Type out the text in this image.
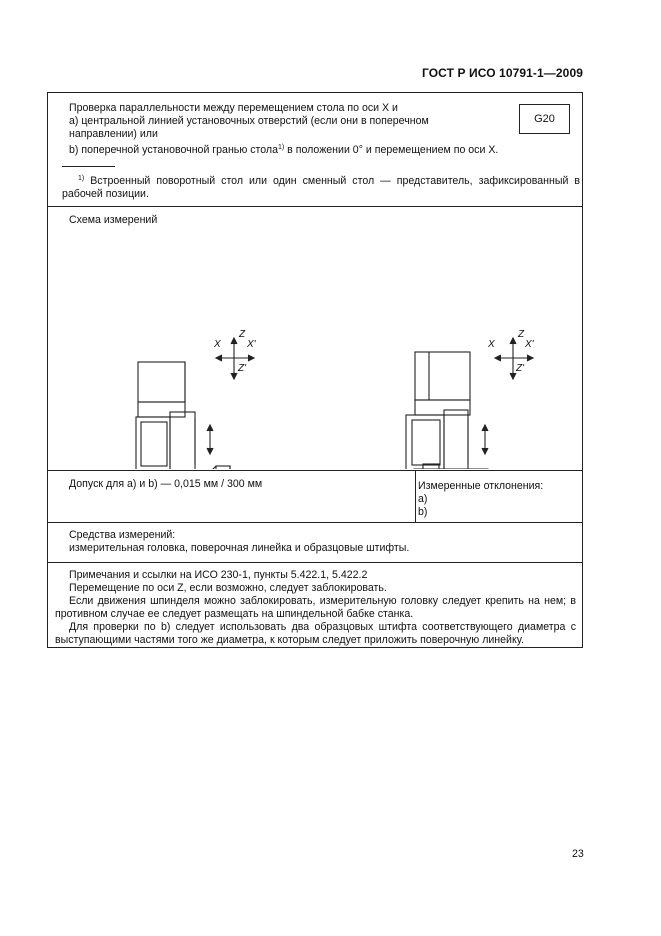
ГОСТ Р ИСО 10791-1—2009
Проверка параллельности между перемещением стола по оси X и
a) центральной линией установочных отверстий (если они в поперечном направлении) или
b) поперечной установочной гранью стола$^{1)}$ в положении 0° и перемещением по оси X.
G20
$^{1)}$ Встроенный поворотный стол или один сменный стол — представитель, зафиксированный в рабочей позиции.
Схема измерений
Z
X	X'
Z'
Z
X	X'
Z'
Допуск для a) и b) — 0,015 мм / 300 мм	Измеренные отклонения:
a)
b)
Средства измерений:
измерительная головка, поверочная линейка и образцовые штифты.
Примечания и ссылки на ИСО 230-1, пункты 5.422.1, 5.422.2
Перемещение по оси Z, если возможно, следует заблокировать.
Если движения шпинделя можно заблокировать, измерительную головку следует крепить на нем; в противном случае ее следует размещать на шпиндельной бабке станка.
Для проверки по b) следует использовать два образцовых штифта соответствующего диаметра с выступающими частями того же диаметра, к которым следует приложить поверочную линейку.
23
